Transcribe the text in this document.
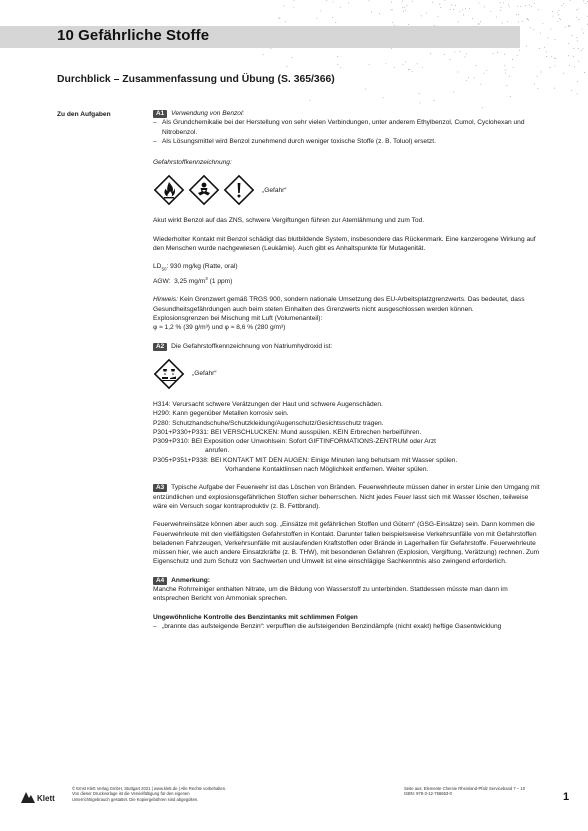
10 Gefährliche Stoffe
Durchblick – Zusammenfassung und Übung (S. 365/366)
Zu den Aufgaben	A1 Verwendung von Benzol:

– Als Grundchemikalie bei der Herstellung von sehr vielen Verbindungen, unter anderem Ethylbenzol, Cumol, Cyclohexan und Nitrobenzol.
– Als Lösungsmittel wird Benzol zunehmend durch weniger toxische Stoffe (z. B. Toluol) ersetzt.

Gefahrstoffkennzeichnung:

„Gefahr“

Akut wirkt Benzol auf das ZNS, schwere Vergiftungen führen zur Atemlähmung und zum Tod.

Wiederholter Kontakt mit Benzol schädigt das blutbildende System, insbesondere das Rückenmark. Eine kanzerogene Wirkung auf den Menschen wurde nachgewiesen (Leukämie). Auch gibt es Anhaltspunkte für Mutagenität.

$LD_{50}$: 930 mg/kg (Ratte, oral)

AGW: 3,25 $mg/m^3$ (1 ppm)

Hinweis: Kein Grenzwert gemäß TRGS 900, sondern nationale Umsetzung des EU-Arbeitsplatzgrenzwerts. Das bedeutet, dass Gesundheitsgefährdungen auch beim steten Einhalten des Grenzwerts nicht ausgeschlossen werden können.

Explosionsgrenzen bei Mischung mit Luft (Volumenanteil):

φ ≈ 1,2 % (39 g/m³) und φ ≈ 8,6 % (280 g/m³)

A2 Die Gefahrstoffkennzeichnung von Natriumhydroxid ist:

„Gefahr“

H314: Verursacht schwere Verätzungen der Haut und schwere Augenschäden.

H290: Kann gegenüber Metallen korrosiv sein.

P280: Schutzhandschuhe/Schutzkleidung/Augenschutz/Gesichtsschutz tragen.

P301+P330+P331: BEI VERSCHLUCKEN: Mund ausspülen. KEIN Erbrechen herbeiführen.

P309+P310: BEI Exposition oder Unwohlsein: Sofort GIFTINFORMATIONS-ZENTRUM oder Arzt

anrufen.

P305+P351+P338: BEI KONTAKT MIT DEN AUGEN: Einige Minuten lang behutsam mit Wasser spülen.

Vorhandene Kontaktlinsen nach Möglichkeit entfernen. Weiter spülen.

A3 Typische Aufgabe der Feuerwehr ist das Löschen von Bränden. Feuerwehrleute müssen daher in erster Linie den Umgang mit entzündlichen und explosionsgefährlichen Stoffen sicher beherrschen. Nicht jedes Feuer lasst sich mit Wasser löschen, teilweise wäre ein Versuch sogar kontraproduktiv (z. B. Fettbrand).

Feuerwehreinsätze können aber auch sog. „Einsätze mit gefährlichen Stoffen und Gütern“ (GSG-Einsätze) sein. Dann kommen die Feuerwehrleute mit den vielfältigsten Gefahrstoffen in Kontakt. Darunter fallen beispielsweise Verkehrsunfälle von mit Gefahrstoffen beladenen Fahrzeugen, Verkehrsunfälle mit auslaufenden Kraftstoffen oder Brände in Lagerhallen für Gefahrstoffe. Feuerwehrleute müssen hier, wie auch andere Einsatzkräfte (z. B. THW), mit besonderen Gefahren (Explosion, Vergiftung, Verätzung) rechnen. Zum Eigenschutz und zum Schutz von Sachwerten und Umwelt ist eine einschlägige Sachkenntnis also zwingend erforderlich.

A4 Anmerkung:

Manche Rohrreiniger enthalten Nitrate, um die Bildung von Wasserstoff zu unterbinden. Stattdessen müsste man dann im entsprechen Bericht von Ammoniak sprechen.

Ungewöhnliche Kontrolle des Benzintanks mit schlimmen Folgen

– „brannte das aufsteigende Benzin“: verpufften die aufsteigenden Benzindämpfe (nicht exakt) heftige Gasentwicklung
Klett
© Ernst Klett Verlag GmbH, Stuttgart 2021 | www.klett.de | Alle Rechte vorbehalten.
Von dieser Druckvorlage ist die Vervielfältigung für den eigenen
Unterrichtsgebrauch gestattet. Die Kopiergebühren sind abgegolten.
Seite aus: Elemente Chemie Rheinland-Pfalz Serviceband 7 – 10
ISBN: 978-3-12-756653-0	1
